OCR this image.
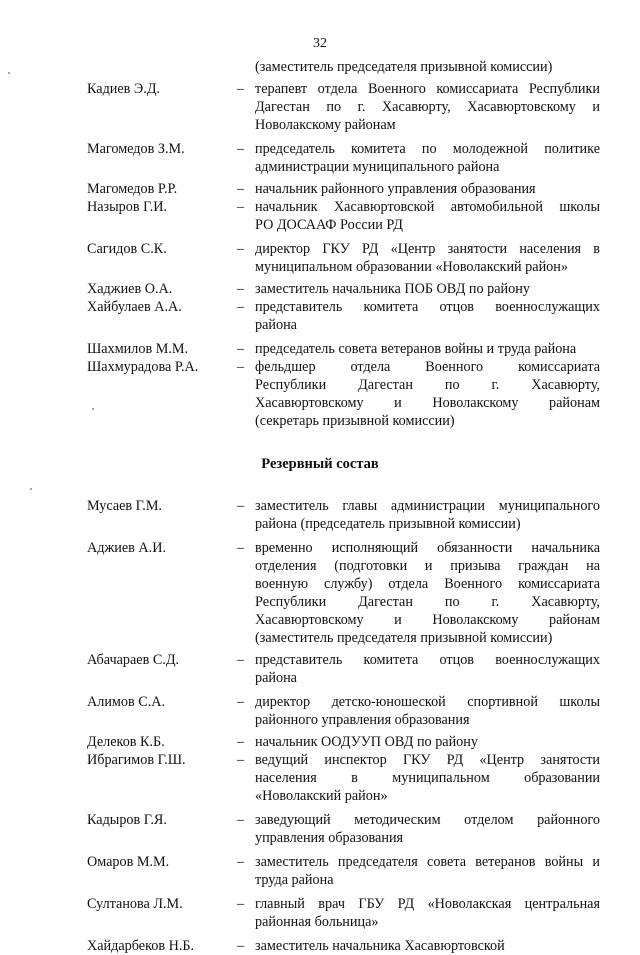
32
(заместитель председателя призывной комиссии)
Кадиев Э.Д.	– терапевт отдела Военного комиссариата Республики
Дагестан по г. Хасавюрту, Хасавюртовскому и
Новолакскому районам
Магомедов З.М.	– председатель комитета по молодежной политике
администрации муниципального района
Магомедов Р.Р.	– начальник районного управления образования
Назыров Г.И.	– начальник Хасавюртовской автомобильной школы
РО ДОСААФ России РД
Сагидов С.К.	– директор ГКУ РД «Центр занятости населения в
муниципальном образовании «Новолакский район»
Хаджиев О.А.	– заместитель начальника ПОБ ОВД по району
Хайбулаев А.А.	– представитель комитета отцов военнослужащих
района
Шахмилов М.М.	– председатель совета ветеранов войны и труда района
Шахмурадова Р.А.	– фельдшер отдела Военного комиссариата
Республики Дагестан по г. Хасавюрту,
Хасавюртовскому и Новолакскому районам
(секретарь призывной комиссии)
Резервный состав
Мусаев Г.М.	– заместитель главы администрации муниципального
района (председатель призывной комиссии)
Аджиев А.И.	– временно исполняющий обязанности начальника
отделения (подготовки и призыва граждан на
военную службу) отдела Военного комиссариата
Республики Дагестан по г. Хасавюрту,
Хасавюртовскому и Новолакскому районам
(заместитель председателя призывной комиссии)
Абачараев С.Д.	– представитель комитета отцов военнослужащих
района
Алимов С.А.	– директор детско-юношеской спортивной школы
районного управления образования
Делеков К.Б.	– начальник ООДУУП ОВД по району
Ибрагимов Г.Ш.	– ведущий инспектор ГКУ РД «Центр занятости
населения в муниципальном образовании
«Новолакский район»
Кадыров Г.Я.	– заведующий методическим отделом районного
управления образования
Омаров М.М.	– заместитель председателя совета ветеранов войны и
труда района
Султанова Л.М.	– главный врач ГБУ РД «Новолакская центральная
районная больница»
Хайдарбеков Н.Б.	– заместитель начальника Хасавюртовской
